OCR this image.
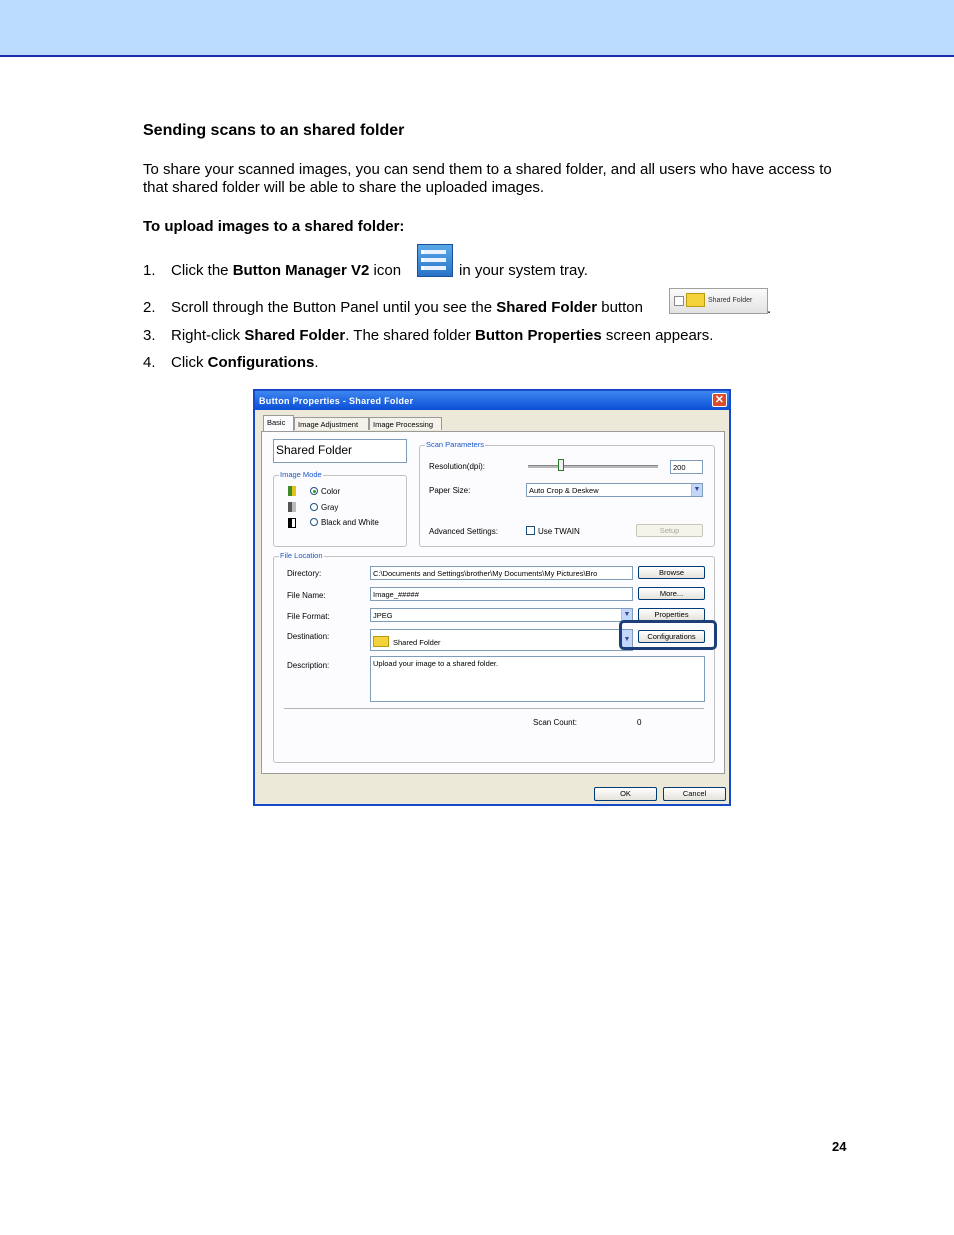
Sending scans to an shared folder
To share your scanned images, you can send them to a shared folder, and all users who have access to that shared folder will be able to share the uploaded images.
To upload images to a shared folder:
1. Click the Button Manager V2 icon	in your system tray.
2. Scroll through the Button Panel until you see the Shared Folder button	Shared Folder .
3. Right-click Shared Folder. The shared folder Button Properties screen appears.
4. Click Configurations.
Button Properties - Shared Folder	✕
Basic	Image Adjustment	Image Processing
Shared Folder
Image Mode
Color
Gray
Black and White
Scan Parameters
Resolution(dpi):	200
Paper Size:	Auto Crop & Deskew	▼
Advanced Settings:	Use TWAIN	Setup
File Location
Directory:	C:\Documents and Settings\brother\My Documents\My Pictures\Bro	Browse
File Name:	Image_#####	More...
File Format:	JPEG	▼	Properties
Destination:
Shared Folder	▼	Configurations
Description:	Upload your image to a shared folder.
Scan Count:	0
OK	Cancel
24
